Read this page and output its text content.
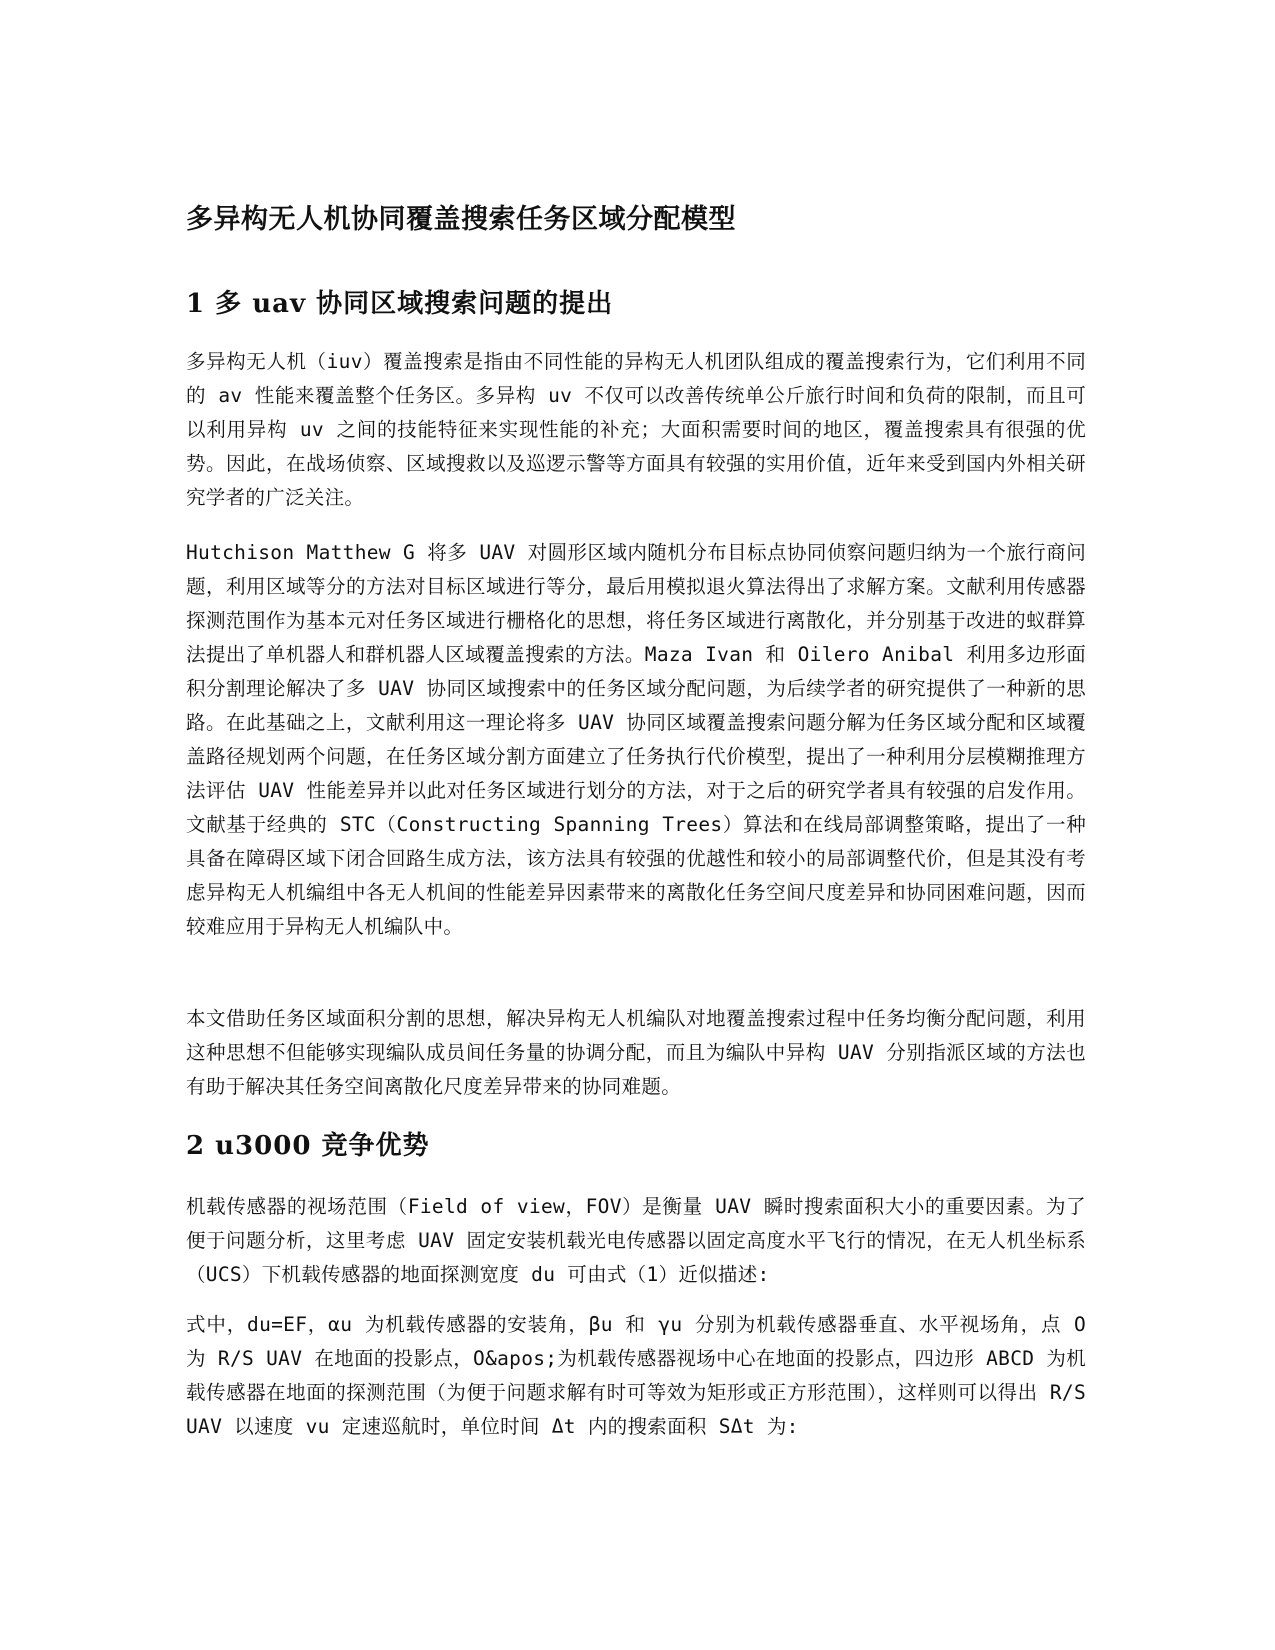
多异构无人机协同覆盖搜索任务区域分配模型
1 多 uav 协同区域搜索问题的提出

多异构无人机（iuv）覆盖搜索是指由不同性能的异构无人机团队组成的覆盖搜索行为，它们利用不同的 av 性能来覆盖整个任务区。多异构 uv 不仅可以改善传统单公斤旅行时间和负荷的限制，而且可以利用异构 uv 之间的技能特征来实现性能的补充；大面积需要时间的地区，覆盖搜索具有很强的优势。因此，在战场侦察、区域搜救以及巡逻示警等方面具有较强的实用价值，近年来受到国内外相关研究学者的广泛关注。

Hutchison Matthew G 将多 UAV 对圆形区域内随机分布目标点协同侦察问题归纳为一个旅行商问题，利用区域等分的方法对目标区域进行等分，最后用模拟退火算法得出了求解方案。文献利用传感器探测范围作为基本元对任务区域进行栅格化的思想，将任务区域进行离散化，并分别基于改进的蚁群算法提出了单机器人和群机器人区域覆盖搜索的方法。Maza Ivan 和 Oilero Anibal 利用多边形面积分割理论解决了多 UAV 协同区域搜索中的任务区域分配问题，为后续学者的研究提供了一种新的思路。在此基础之上，文献利用这一理论将多 UAV 协同区域覆盖搜索问题分解为任务区域分配和区域覆盖路径规划两个问题，在任务区域分割方面建立了任务执行代价模型，提出了一种利用分层模糊推理方法评估 UAV 性能差异并以此对任务区域进行划分的方法，对于之后的研究学者具有较强的启发作用。文献基于经典的 STC（Constructing Spanning Trees）算法和在线局部调整策略，提出了一种具备在障碍区域下闭合回路生成方法，该方法具有较强的优越性和较小的局部调整代价，但是其没有考虑异构无人机编组中各无人机间的性能差异因素带来的离散化任务空间尺度差异和协同困难问题，因而较难应用于异构无人机编队中。

本文借助任务区域面积分割的思想，解决异构无人机编队对地覆盖搜索过程中任务均衡分配问题，利用这种思想不但能够实现编队成员间任务量的协调分配，而且为编队中异构 UAV 分别指派区域的方法也有助于解决其任务空间离散化尺度差异带来的协同难题。

2 u3000 竞争优势

机载传感器的视场范围（Field of view，FOV）是衡量 UAV 瞬时搜索面积大小的重要因素。为了便于问题分析，这里考虑 UAV 固定安装机载光电传感器以固定高度水平飞行的情况，在无人机坐标系（UCS）下机载传感器的地面探测宽度 du 可由式（1）近似描述:

式中，du=EF，αu 为机载传感器的安装角，βu 和 γu 分别为机载传感器垂直、水平视场角，点 O 为 R/S UAV 在地面的投影点，O&apos;为机载传感器视场中心在地面的投影点，四边形 ABCD 为机载传感器在地面的探测范围（为便于问题求解有时可等效为矩形或正方形范围），这样则可以得出 R/S UAV 以速度 vu 定速巡航时，单位时间 Δt 内的搜索面积 SΔt 为:
